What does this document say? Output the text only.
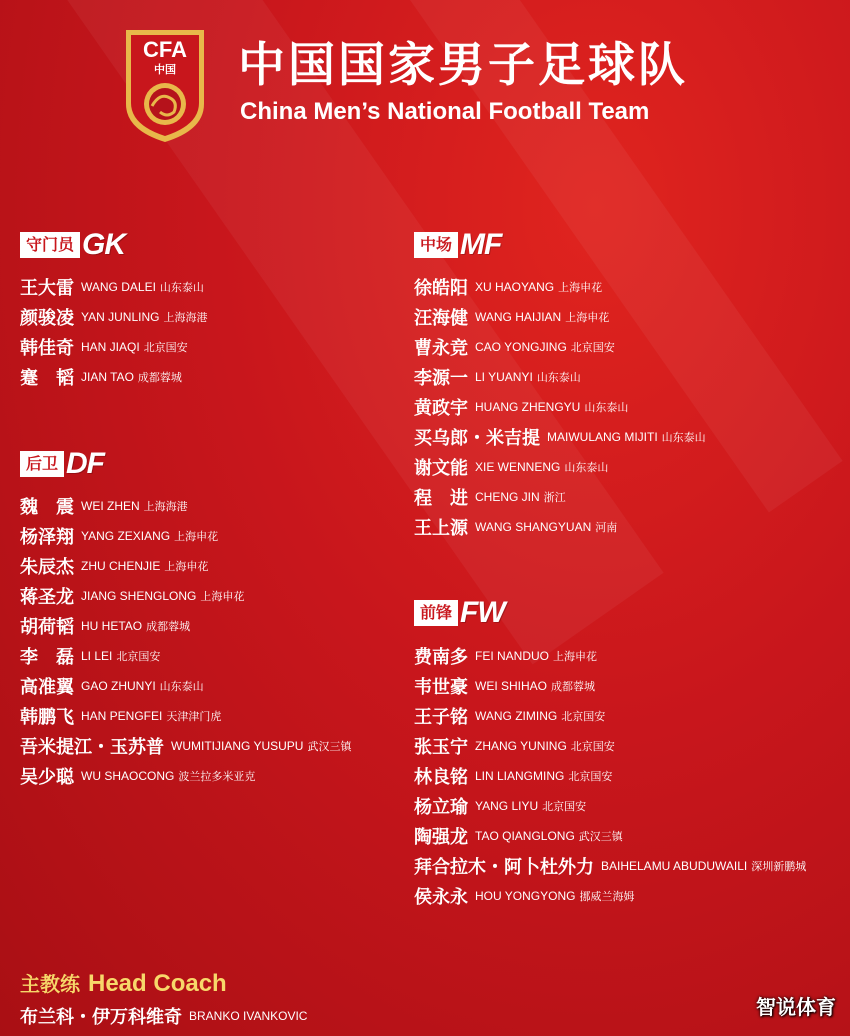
CFA
中国 中国国家男子足球队
China Men’s National Football Team
守门员 GK
王大雷 WANG DALEI 山东泰山
颜骏凌 YAN JUNLING 上海海港
韩佳奇 HAN JIAQI 北京国安
蹇　韬 JIAN TAO 成都蓉城
后卫 DF
魏　震 WEI ZHEN 上海海港
杨泽翔 YANG ZEXIANG 上海申花
朱辰杰 ZHU CHENJIE 上海申花
蒋圣龙 JIANG SHENGLONG 上海申花
胡荷韬 HU HETAO 成都蓉城
李　磊 LI LEI 北京国安
高准翼 GAO ZHUNYI 山东泰山
韩鹏飞 HAN PENGFEI 天津津门虎
吾米提江・玉苏普 WUMITIJIANG YUSUPU 武汉三镇
吴少聪 WU SHAOCONG 波兰拉多米亚克
中场 MF
徐皓阳 XU HAOYANG 上海申花
汪海健 WANG HAIJIAN 上海申花
曹永竞 CAO YONGJING 北京国安
李源一 LI YUANYI 山东泰山
黄政宇 HUANG ZHENGYU 山东泰山
买乌郎・米吉提 MAIWULANG MIJITI 山东泰山
谢文能 XIE WENNENG 山东泰山
程　进 CHENG JIN 浙江
王上源 WANG SHANGYUAN 河南
前锋 FW
费南多 FEI NANDUO 上海申花
韦世豪 WEI SHIHAO 成都蓉城
王子铭 WANG ZIMING 北京国安
张玉宁 ZHANG YUNING 北京国安
林良铭 LIN LIANGMING 北京国安
杨立瑜 YANG LIYU 北京国安
陶强龙 TAO QIANGLONG 武汉三镇
拜合拉木・阿卜杜外力 BAIHELAMU ABUDUWAILI 深圳新鹏城
侯永永 HOU YONGYONG 挪威兰海姆
主教练 Head Coach
布兰科・伊万科维奇 BRANKO IVANKOVIC	智说体育
